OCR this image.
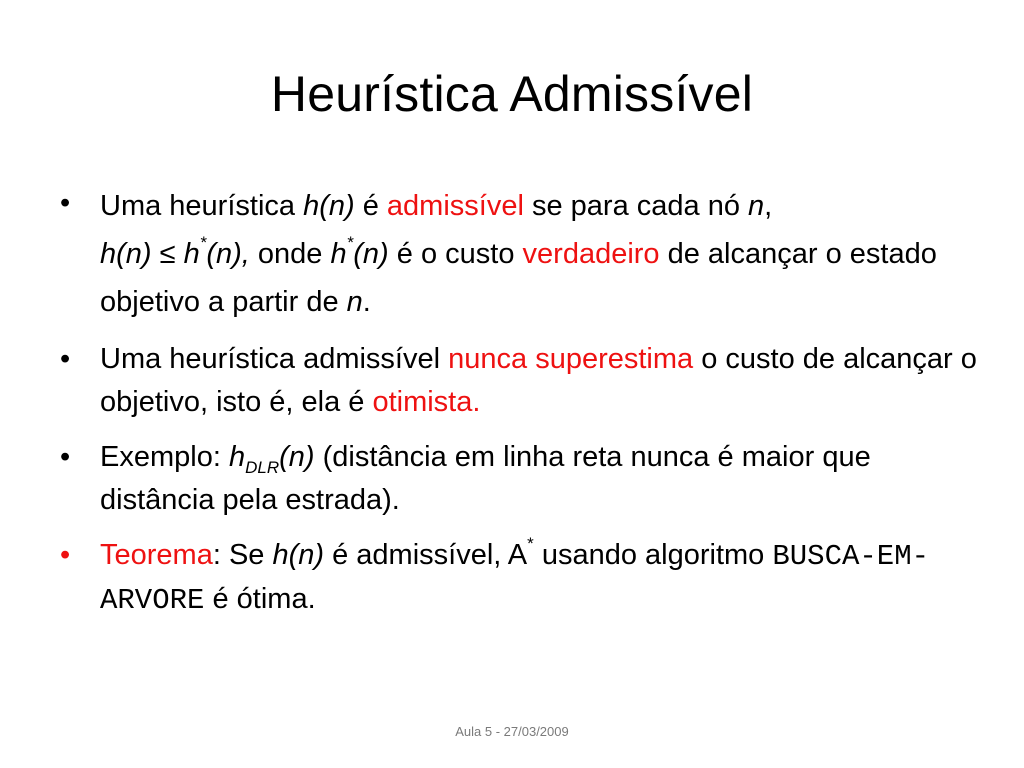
Heurística Admissível
•	Uma heurística h(n) é admissível se para cada nó n,
h(n) ≤ h*(n), onde h*(n) é o custo verdadeiro de alcançar o estado objetivo a partir de n.
•	Uma heurística admissível nunca superestima o custo de alcançar o objetivo, isto é, ela é otimista.
•	Exemplo: $h_{DLR}(n)$ (distância em linha reta nunca é maior que distância pela estrada).
•	Teorema: Se h(n) é admissível, A* usando algoritmo BUSCA-EM-ARVORE é ótima.
Aula 5 - 27/03/2009
